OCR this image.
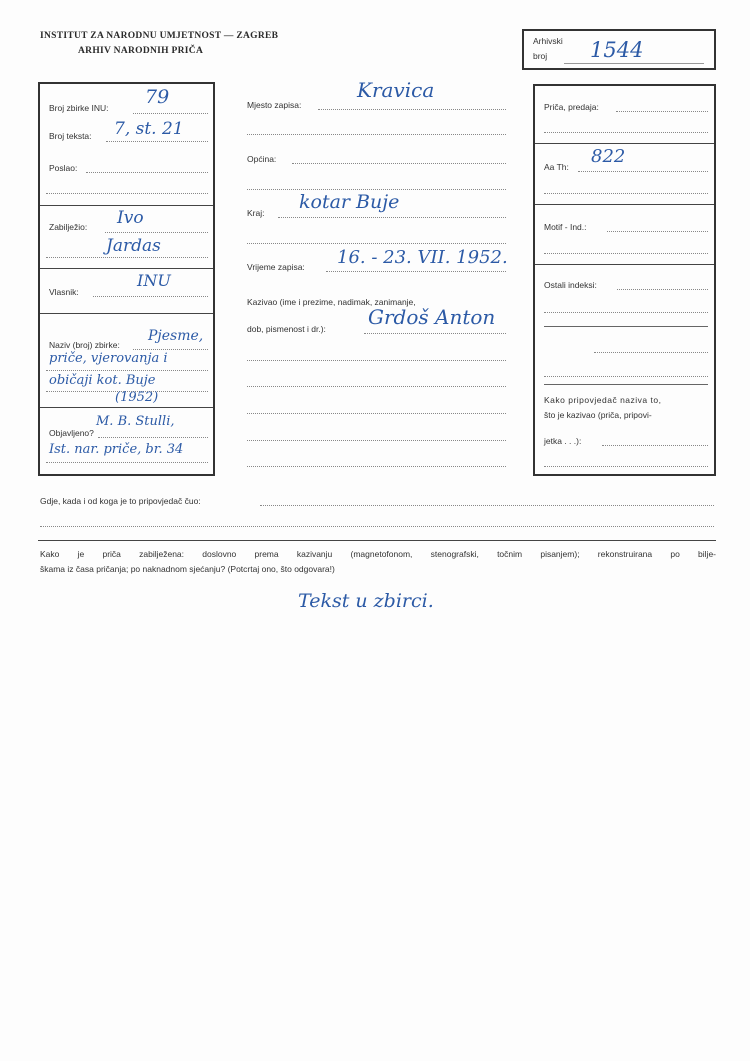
INSTITUT ZA NARODNU UMJETNOST — ZAGREB
ARHIV NARODNIH PRIČA
Arhivski
broj 1544
Broj zbirke INU: 79
Broj teksta: 7, st. 21
Poslao:
Zabilježio: Ivo
Jardas
Vlasnik:
INU
Naziv (broj) zbirke:
Pjesme,
priče, vjerovanja i
običaji kot. Buje
(1952)
Objavljeno?
M. B. Stulli,
Ist. nar. priče, br. 34
Mjesto zapisa:
Kravica
Općina:
Kraj: kotar Buje
Vrijeme zapisa: 16. - 23. VII. 1952.
Kazivao (ime i prezime, nadimak, zanimanje,
dob, pismenost i dr.): Grdoš Anton
Priča, predaja:
Aa Th: 822
Motif - Ind.:
Ostali indeksi:
Kako pripovjedač naziva to,
što je kazivao (priča, pripovi-
jetka . . .):
Gdje, kada i od koga je to pripovjedač čuo:
Kako je priča zabilježena: doslovno prema kazivanju (magnetofonom, stenografski, točnim pisanjem); rekonstruirana po bilje-
škama iz časa pričanja; po naknadnom sjećanju? (Potcrtaj ono, što odgovara!)
Tekst u zbirci.
